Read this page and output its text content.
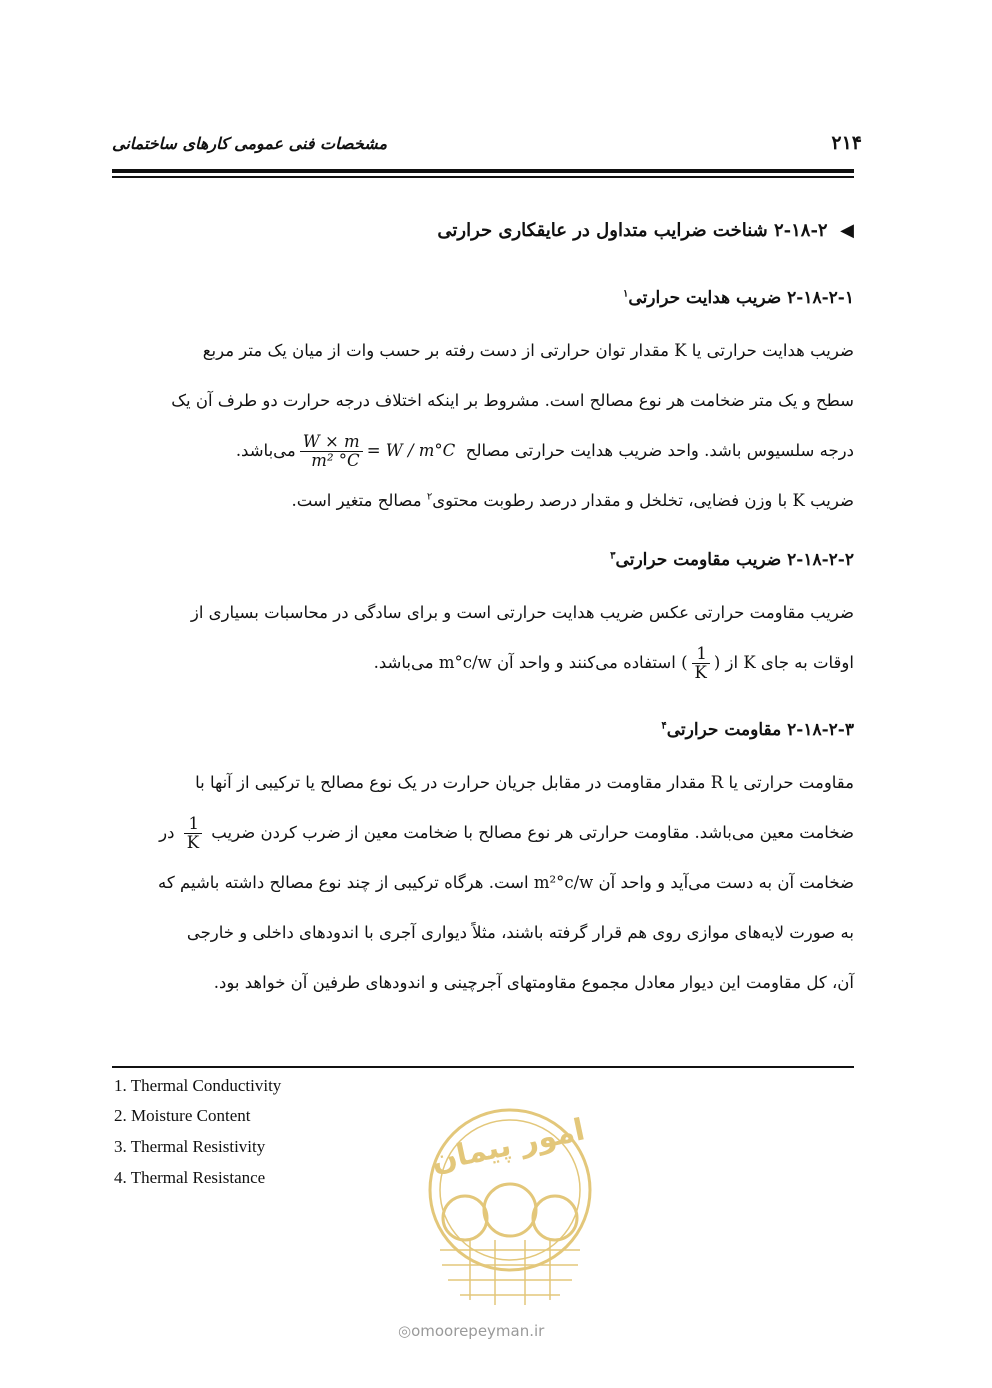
مشخصات فنی عمومی کارهای ساختمانی	۲۱۴
◀  ۲-۱۸-۲ شناخت ضرایب متداول در عایقکاری حرارتی
۲-۱۸-۲-۱ ضریب هدایت حرارتی$^۱$
ضریب هدایت حرارتی یا K مقدار توان حرارتی از دست رفته بر حسب وات از میان یک متر مربع
سطح و یک متر ضخامت هر نوع مصالح است. مشروط بر اینکه اختلاف درجه حرارت دو طرف آن یک
درجه سلسیوس باشد. واحد ضریب هدایت حرارتی مصالح
$\frac{W \times m}{\text{m² °C}} = W / m^\circ C$ می‌باشد.
ضریب K با وزن فضایی، تخلخل و مقدار درصد رطوبت محتوی$^۲$ مصالح متغیر است.
۲-۱۸-۲-۲ ضریب مقاومت حرارتی$^۳$
ضریب مقاومت حرارتی عکس ضریب هدایت حرارتی است و برای سادگی در محاسبات بسیاری از
اوقات به جای K از (
$\frac{1}{K}$
) استفاده می‌کنند و واحد آن m°c/w می‌باشد.
۲-۱۸-۲-۳ مقاومت حرارتی$^۴$
مقاومت حرارتی یا R مقدار مقاومت در مقابل جریان حرارت در یک نوع مصالح یا ترکیبی از آنها با
ضخامت معین می‌باشد. مقاومت حرارتی هر نوع مصالح با ضخامت معین از ضرب کردن ضریب
$\frac{1}{K}$
در
ضخامت آن به دست می‌آید و واحد آن m²°c/w است. هرگاه ترکیبی از چند نوع مصالح داشته باشیم که
به صورت لایه‌های موازی روی هم قرار گرفته باشند، مثلاً دیواری آجری با اندودهای داخلی و خارجی
آن، کل مقاومت این دیوار معادل مجموع مقاومتهای آجرچینی و اندودهای طرفین آن خواهد بود.
1. Thermal Conductivity
2. Moisture Content
3. Thermal Resistivity
4. Thermal Resistance	امور پیمان
◎omoorepeyman.ir
